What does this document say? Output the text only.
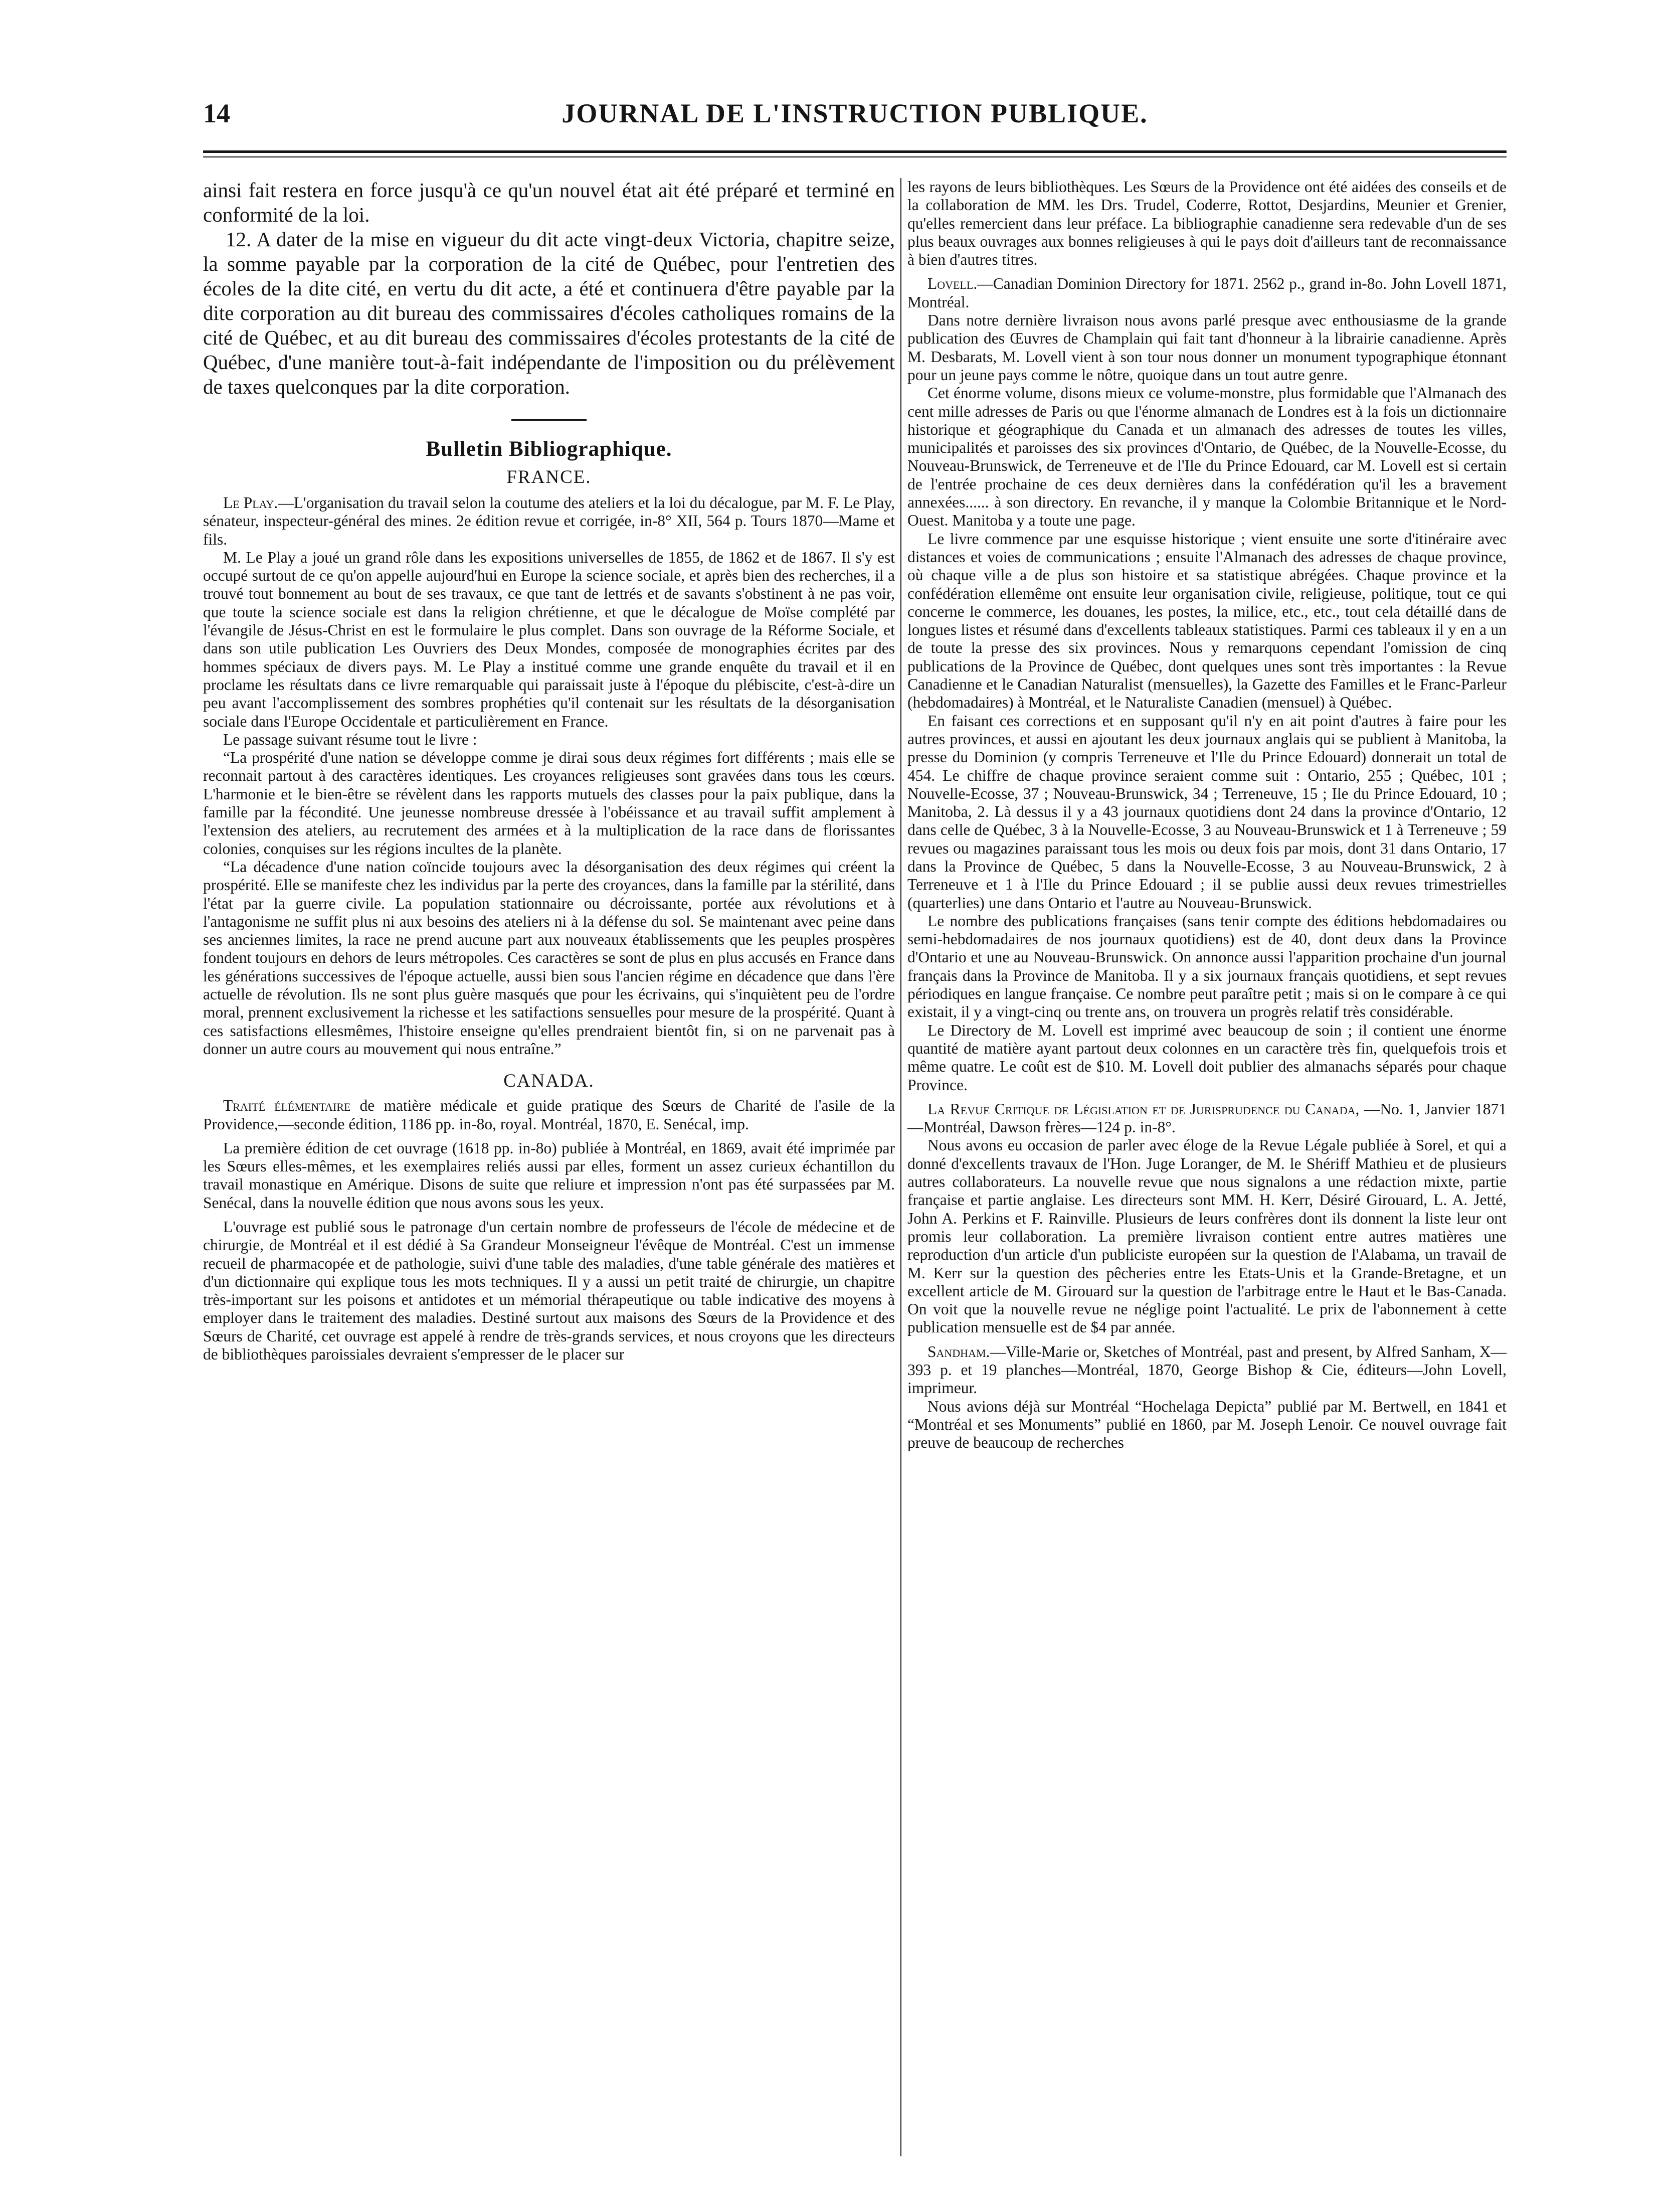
14	JOURNAL DE L'INSTRUCTION PUBLIQUE.

ainsi fait restera en force jusqu'à ce qu'un nouvel état ait été préparé et terminé en conformité de la loi.

12. A dater de la mise en vigueur du dit acte vingt-deux Victoria, chapitre seize, la somme payable par la corporation de la cité de Québec, pour l'entretien des écoles de la dite cité, en vertu du dit acte, a été et continuera d'être payable par la dite corporation au dit bureau des commissaires d'écoles catholiques romains de la cité de Québec, et au dit bureau des commissaires d'écoles protestants de la cité de Québec, d'une manière tout-à-fait indépendante de l'imposition ou du prélèvement de taxes quelconques par la dite corporation.

Bulletin Bibliographique.
FRANCE.

Le Play.—L'organisation du travail selon la coutume des ateliers et la loi du décalogue, par M. F. Le Play, sénateur, inspecteur-général des mines. 2e édition revue et corrigée, in-8° XII, 564 p. Tours 1870—Mame et fils.

M. Le Play a joué un grand rôle dans les expositions universelles de 1855, de 1862 et de 1867. Il s'y est occupé surtout de ce qu'on appelle aujourd'hui en Europe la science sociale, et après bien des recherches, il a trouvé tout bonnement au bout de ses travaux, ce que tant de lettrés et de savants s'obstinent à ne pas voir, que toute la science sociale est dans la religion chrétienne, et que le décalogue de Moïse complété par l'évangile de Jésus-Christ en est le formulaire le plus complet. Dans son ouvrage de la Réforme Sociale, et dans son utile publication Les Ouvriers des Deux Mondes, composée de monographies écrites par des hommes spéciaux de divers pays. M. Le Play a institué comme une grande enquête du travail et il en proclame les résultats dans ce livre remarquable qui paraissait juste à l'époque du plébiscite, c'est-à-dire un peu avant l'accomplissement des sombres prophéties qu'il contenait sur les résultats de la désorganisation sociale dans l'Europe Occidentale et particulièrement en France.

Le passage suivant résume tout le livre :

“La prospérité d'une nation se développe comme je dirai sous deux régimes fort différents ; mais elle se reconnait partout à des caractères identiques. Les croyances religieuses sont gravées dans tous les cœurs. L'harmonie et le bien-être se révèlent dans les rapports mutuels des classes pour la paix publique, dans la famille par la fécondité. Une jeunesse nombreuse dressée à l'obéissance et au travail suffit amplement à l'extension des ateliers, au recrutement des armées et à la multiplication de la race dans de florissantes colonies, conquises sur les régions incultes de la planète.

“La décadence d'une nation coïncide toujours avec la désorganisation des deux régimes qui créent la prospérité. Elle se manifeste chez les individus par la perte des croyances, dans la famille par la stérilité, dans l'état par la guerre civile. La population stationnaire ou décroissante, portée aux révolutions et à l'antagonisme ne suffit plus ni aux besoins des ateliers ni à la défense du sol. Se maintenant avec peine dans ses anciennes limites, la race ne prend aucune part aux nouveaux établissements que les peuples prospères fondent toujours en dehors de leurs métropoles. Ces caractères se sont de plus en plus accusés en France dans les générations successives de l'époque actuelle, aussi bien sous l'ancien régime en décadence que dans l'ère actuelle de révolution. Ils ne sont plus guère masqués que pour les écrivains, qui s'inquiètent peu de l'ordre moral, prennent exclusivement la richesse et les satifactions sensuelles pour mesure de la prospérité. Quant à ces satisfactions ellesmêmes, l'histoire enseigne qu'elles prendraient bientôt fin, si on ne parvenait pas à donner un autre cours au mouvement qui nous entraîne.”

CANADA.

Traité élémentaire de matière médicale et guide pratique des Sœurs de Charité de l'asile de la Providence,—seconde édition, 1186 pp. in-8o, royal. Montréal, 1870, E. Senécal, imp.

La première édition de cet ouvrage (1618 pp. in-8o) publiée à Montréal, en 1869, avait été imprimée par les Sœurs elles-mêmes, et les exemplaires reliés aussi par elles, forment un assez curieux échantillon du travail monastique en Amérique. Disons de suite que reliure et impression n'ont pas été surpassées par M. Senécal, dans la nouvelle édition que nous avons sous les yeux.

L'ouvrage est publié sous le patronage d'un certain nombre de professeurs de l'école de médecine et de chirurgie, de Montréal et il est dédié à Sa Grandeur Monseigneur l'évêque de Montréal. C'est un immense recueil de pharmacopée et de pathologie, suivi d'une table des maladies, d'une table générale des matières et d'un dictionnaire qui explique tous les mots techniques. Il y a aussi un petit traité de chirurgie, un chapitre très-important sur les poisons et antidotes et un mémorial thérapeutique ou table indicative des moyens à employer dans le traitement des maladies. Destiné surtout aux maisons des Sœurs de la Providence et des Sœurs de Charité, cet ouvrage est appelé à rendre de très-grands services, et nous croyons que les directeurs de bibliothèques paroissiales devraient s'empresser de le placer sur

les rayons de leurs bibliothèques. Les Sœurs de la Providence ont été aidées des conseils et de la collaboration de MM. les Drs. Trudel, Coderre, Rottot, Desjardins, Meunier et Grenier, qu'elles remercient dans leur préface. La bibliographie canadienne sera redevable d'un de ses plus beaux ouvrages aux bonnes religieuses à qui le pays doit d'ailleurs tant de reconnaissance à bien d'autres titres.

Lovell.—Canadian Dominion Directory for 1871. 2562 p., grand in-8o. John Lovell 1871, Montréal.

Dans notre dernière livraison nous avons parlé presque avec enthousiasme de la grande publication des Œuvres de Champlain qui fait tant d'honneur à la librairie canadienne. Après M. Desbarats, M. Lovell vient à son tour nous donner un monument typographique étonnant pour un jeune pays comme le nôtre, quoique dans un tout autre genre.

Cet énorme volume, disons mieux ce volume-monstre, plus formidable que l'Almanach des cent mille adresses de Paris ou que l'énorme almanach de Londres est à la fois un dictionnaire historique et géographique du Canada et un almanach des adresses de toutes les villes, municipalités et paroisses des six provinces d'Ontario, de Québec, de la Nouvelle-Ecosse, du Nouveau-Brunswick, de Terreneuve et de l'Ile du Prince Edouard, car M. Lovell est si certain de l'entrée prochaine de ces deux dernières dans la confédération qu'il les a bravement annexées...... à son directory. En revanche, il y manque la Colombie Britannique et le Nord-Ouest. Manitoba y a toute une page.

Le livre commence par une esquisse historique ; vient ensuite une sorte d'itinéraire avec distances et voies de communications ; ensuite l'Almanach des adresses de chaque province, où chaque ville a de plus son histoire et sa statistique abrégées. Chaque province et la confédération ellemême ont ensuite leur organisation civile, religieuse, politique, tout ce qui concerne le commerce, les douanes, les postes, la milice, etc., etc., tout cela détaillé dans de longues listes et résumé dans d'excellents tableaux statistiques. Parmi ces tableaux il y en a un de toute la presse des six provinces. Nous y remarquons cependant l'omission de cinq publications de la Province de Québec, dont quelques unes sont très importantes : la Revue Canadienne et le Canadian Naturalist (mensuelles), la Gazette des Familles et le Franc-Parleur (hebdomadaires) à Montréal, et le Naturaliste Canadien (mensuel) à Québec.

En faisant ces corrections et en supposant qu'il n'y en ait point d'autres à faire pour les autres provinces, et aussi en ajoutant les deux journaux anglais qui se publient à Manitoba, la presse du Dominion (y compris Terreneuve et l'Ile du Prince Edouard) donnerait un total de 454. Le chiffre de chaque province seraient comme suit : Ontario, 255 ; Québec, 101 ; Nouvelle-Ecosse, 37 ; Nouveau-Brunswick, 34 ; Terreneuve, 15 ; Ile du Prince Edouard, 10 ; Manitoba, 2. Là dessus il y a 43 journaux quotidiens dont 24 dans la province d'Ontario, 12 dans celle de Québec, 3 à la Nouvelle-Ecosse, 3 au Nouveau-Brunswick et 1 à Terreneuve ; 59 revues ou magazines paraissant tous les mois ou deux fois par mois, dont 31 dans Ontario, 17 dans la Province de Québec, 5 dans la Nouvelle-Ecosse, 3 au Nouveau-Brunswick, 2 à Terreneuve et 1 à l'Ile du Prince Edouard ; il se publie aussi deux revues trimestrielles (quarterlies) une dans Ontario et l'autre au Nouveau-Brunswick.

Le nombre des publications françaises (sans tenir compte des éditions hebdomadaires ou semi-hebdomadaires de nos journaux quotidiens) est de 40, dont deux dans la Province d'Ontario et une au Nouveau-Brunswick. On annonce aussi l'apparition prochaine d'un journal français dans la Province de Manitoba. Il y a six journaux français quotidiens, et sept revues périodiques en langue française. Ce nombre peut paraître petit ; mais si on le compare à ce qui existait, il y a vingt-cinq ou trente ans, on trouvera un progrès relatif très considérable.

Le Directory de M. Lovell est imprimé avec beaucoup de soin ; il contient une énorme quantité de matière ayant partout deux colonnes en un caractère très fin, quelquefois trois et même quatre. Le coût est de $10. M. Lovell doit publier des almanachs séparés pour chaque Province.

La Revue Critique de Législation et de Jurisprudence du Canada, —No. 1, Janvier 1871—Montréal, Dawson frères—124 p. in-8°.

Nous avons eu occasion de parler avec éloge de la Revue Légale publiée à Sorel, et qui a donné d'excellents travaux de l'Hon. Juge Loranger, de M. le Shériff Mathieu et de plusieurs autres collaborateurs. La nouvelle revue que nous signalons a une rédaction mixte, partie française et partie anglaise. Les directeurs sont MM. H. Kerr, Désiré Girouard, L. A. Jetté, John A. Perkins et F. Rainville. Plusieurs de leurs confrères dont ils donnent la liste leur ont promis leur collaboration. La première livraison contient entre autres matières une reproduction d'un article d'un publiciste européen sur la question de l'Alabama, un travail de M. Kerr sur la question des pêcheries entre les Etats-Unis et la Grande-Bretagne, et un excellent article de M. Girouard sur la question de l'arbitrage entre le Haut et le Bas-Canada. On voit que la nouvelle revue ne néglige point l'actualité. Le prix de l'abonnement à cette publication mensuelle est de $4 par année.

Sandham.—Ville-Marie or, Sketches of Montréal, past and present, by Alfred Sanham, X—393 p. et 19 planches—Montréal, 1870, George Bishop & Cie, éditeurs—John Lovell, imprimeur.

Nous avions déjà sur Montréal “Hochelaga Depicta” publié par M. Bertwell, en 1841 et “Montréal et ses Monuments” publié en 1860, par M. Joseph Lenoir. Ce nouvel ouvrage fait preuve de beaucoup de recherches
